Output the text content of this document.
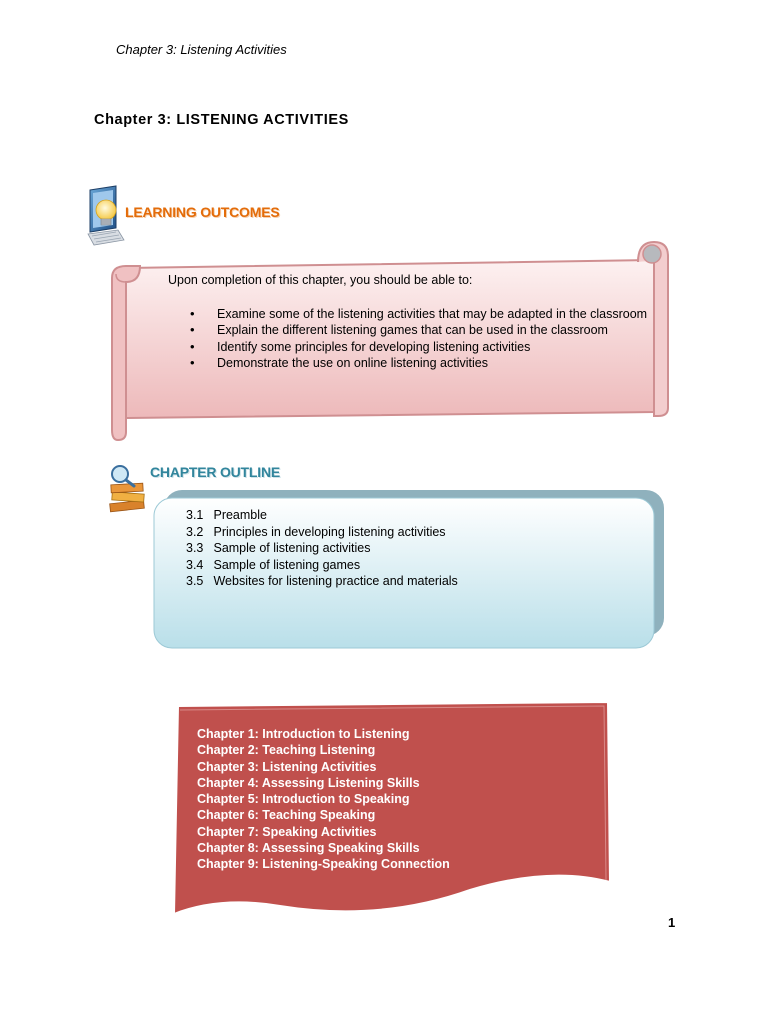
Chapter 3: Listening Activities
Chapter 3: LISTENING ACTIVITIES
LEARNING OUTCOMES

Upon completion of this chapter, you should be able to:

• Examine some of the listening activities that may be adapted in the classroom
• Explain the different listening games that can be used in the classroom
• Identify some principles for developing listening activities
• Demonstrate the use on online listening activities
CHAPTER OUTLINE
3.1 Preamble
3.2 Principles in developing listening activities
3.3 Sample of listening activities
3.4 Sample of listening games
3.5 Websites for listening practice and materials
Chapter 1: Introduction to Listening
Chapter 2: Teaching Listening
Chapter 3: Listening Activities
Chapter 4: Assessing Listening Skills
Chapter 5: Introduction to Speaking
Chapter 6: Teaching Speaking
Chapter 7: Speaking Activities
Chapter 8: Assessing Speaking Skills
Chapter 9: Listening-Speaking Connection
1
